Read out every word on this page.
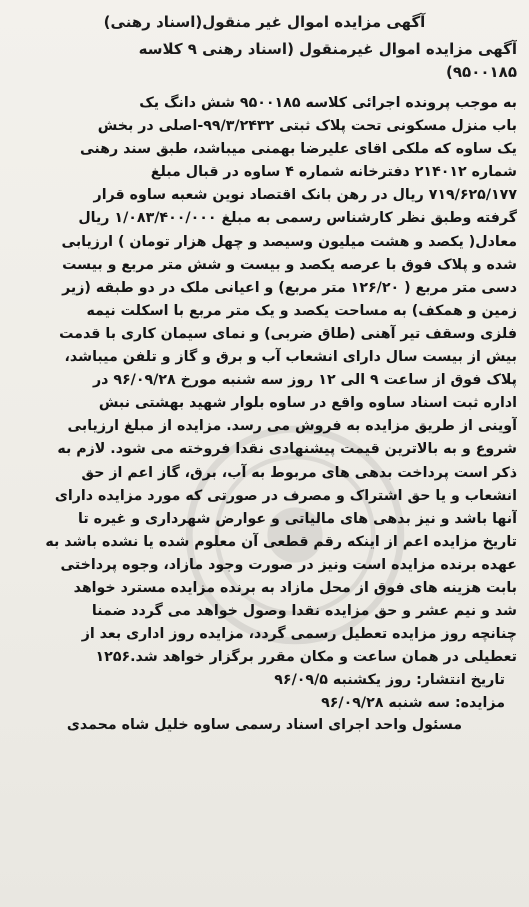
آگهی مزایده اموال غیر منقول(اسناد رهنی)
آگهی مزایده اموال غیرمنقول (اسناد رهنی ۹ کلاسه
۹۵۰۰۱۸۵)
به موجب پرونده اجرائی کلاسه ۹۵۰۰۱۸۵ شش دانگ یک
باب منزل مسکونی تحت پلاک ثبتی ۹۹/۳/۲۴۳۲-اصلی در بخش
یک ساوه که ملکی اقای علیرضا بهمنی میباشد، طبق سند رهنی
شماره ۲۱۴۰۱۲ دفترخانه شماره ۴ ساوه در قبال مبلغ
۷۱۹/۶۲۵/۱۷۷ ریال در رهن بانک اقتصاد نوین شعبه ساوه قرار
گرفته وطبق نظر کارشناس رسمی به مبلغ ۱/۰۸۳/۴۰۰/۰۰۰ ریال
معادل( یکصد و هشت میلیون وسیصد و چهل هزار تومان ) ارزیابی
شده و پلاک فوق با عرصه یکصد و بیست و شش متر مربع و بیست
دسی متر مربع ( ۱۲۶/۲۰ متر مربع) و اعیانی ملک در دو طبقه (زیر
زمین و همکف) به مساحت یکصد و یک متر مربع با اسکلت نیمه
فلزی وسقف تیر آهنی (طاق ضربی) و نمای سیمان کاری با قدمت
بیش از بیست سال دارای انشعاب آب و برق و گاز و تلفن میباشد،
پلاک فوق از ساعت ۹ الی ۱۲ روز سه شنبه مورخ ۹۶/۰۹/۲۸ در
اداره ثبت اسناد ساوه واقع در ساوه بلوار شهید بهشتی نبش
آوینی از طریق مزایده به فروش می رسد. مزایده از مبلغ ارزیابی
شروع و به بالاترین قیمت پیشنهادی نقدا فروخته می شود. لازم به
ذکر است پرداخت بدهی های مربوط به آب، برق، گاز اعم از حق
انشعاب و یا حق اشتراک و مصرف در صورتی که مورد مزایده دارای
آنها باشد و نیز بدهی های مالیاتی و عوارض شهرداری و غیره تا
تاریخ مزایده اعم از اینکه رقم قطعی آن معلوم شده یا نشده باشد به
عهده برنده مزایده است ونیز در صورت وجود مازاد، وجوه پرداختی
بابت هزینه های فوق از محل مازاد به برنده مزایده مسترد خواهد
شد و نیم عشر و حق مزایده نقدا وصول خواهد می گردد ضمنا
چنانچه روز مزایده تعطیل رسمی گردد، مزایده روز اداری بعد از
تعطیلی در همان ساعت و مکان مقرر برگزار خواهد شد.۱۲۵۶

تاریخ انتشار: روز یکشنبه ۹۶/۰۹/۵

مزایده: سه شنبه ۹۶/۰۹/۲۸

مسئول واحد اجرای اسناد رسمی ساوه خلیل شاه محمدی
